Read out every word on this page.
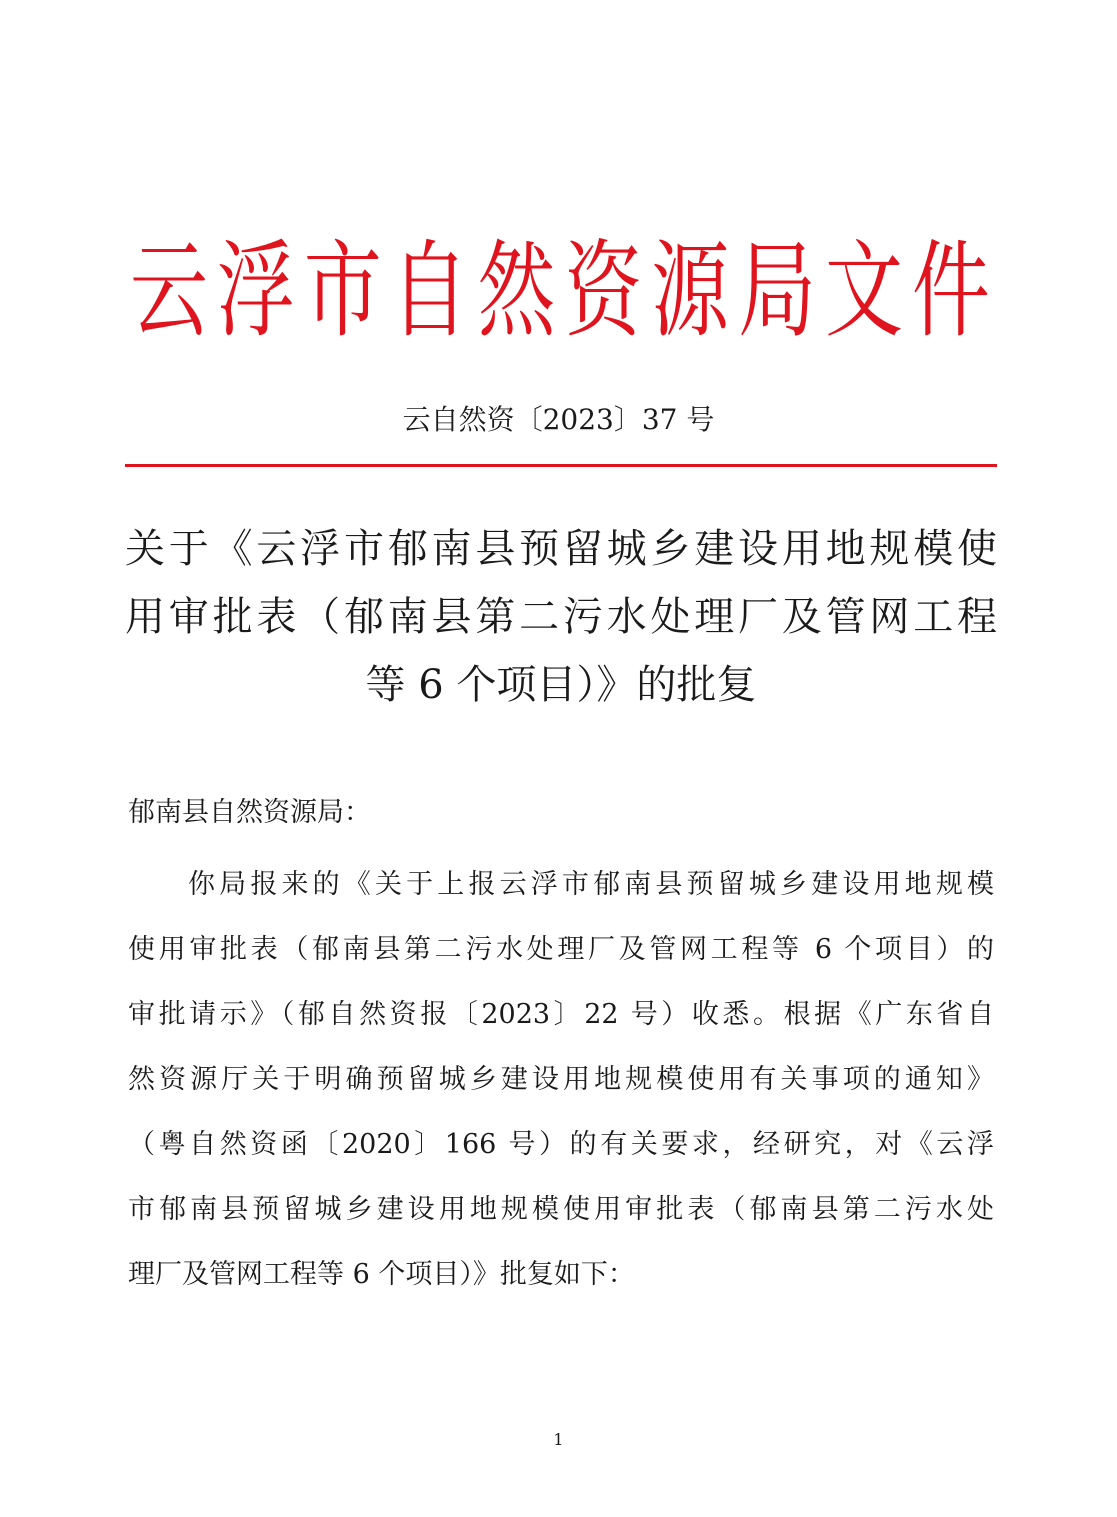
云 浮 市 自 然 资 源 局 文 件
云自然资〔2023〕37 号
关于《云浮市郁南县预留城乡建设用地规模使
用审批表（郁南县第二污水处理厂及管网工程
等 6 个项目）》的批复
郁南县自然资源局：
你局报来的《关于上报云浮市郁南县预留城乡建设用地规模
使用审批表（郁南县第二污水处理厂及管网工程等 6 个项目）的
审批请示》（郁自然资报〔2023〕22 号）收悉。根据《广东省自
然资源厅关于明确预留城乡建设用地规模使用有关事项的通知》
（粤自然资函〔2020〕166 号）的有关要求，经研究，对《云浮
市郁南县预留城乡建设用地规模使用审批表（郁南县第二污水处
理厂及管网工程等 6 个项目）》批复如下：
1
